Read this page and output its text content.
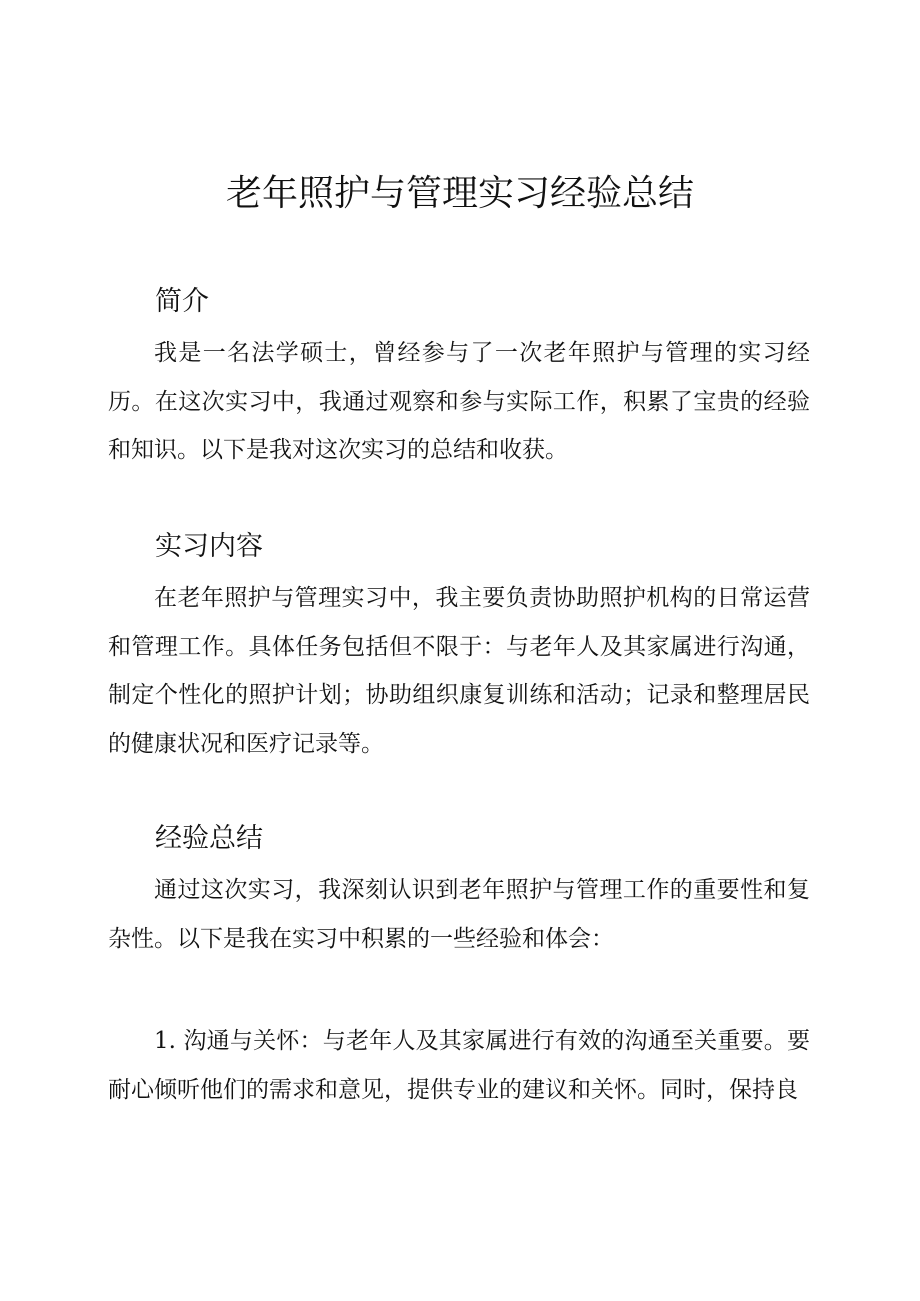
老年照护与管理实习经验总结
简介

我是一名法学硕士，曾经参与了一次老年照护与管理的实习经历。在这次实习中，我通过观察和参与实际工作，积累了宝贵的经验和知识。以下是我对这次实习的总结和收获。

实习内容

在老年照护与管理实习中，我主要负责协助照护机构的日常运营和管理工作。具体任务包括但不限于：与老年人及其家属进行沟通，制定个性化的照护计划；协助组织康复训练和活动；记录和整理居民的健康状况和医疗记录等。

经验总结

通过这次实习，我深刻认识到老年照护与管理工作的重要性和复杂性。以下是我在实习中积累的一些经验和体会：

1. 沟通与关怀：与老年人及其家属进行有效的沟通至关重要。要耐心倾听他们的需求和意见，提供专业的建议和关怀。同时，保持良
